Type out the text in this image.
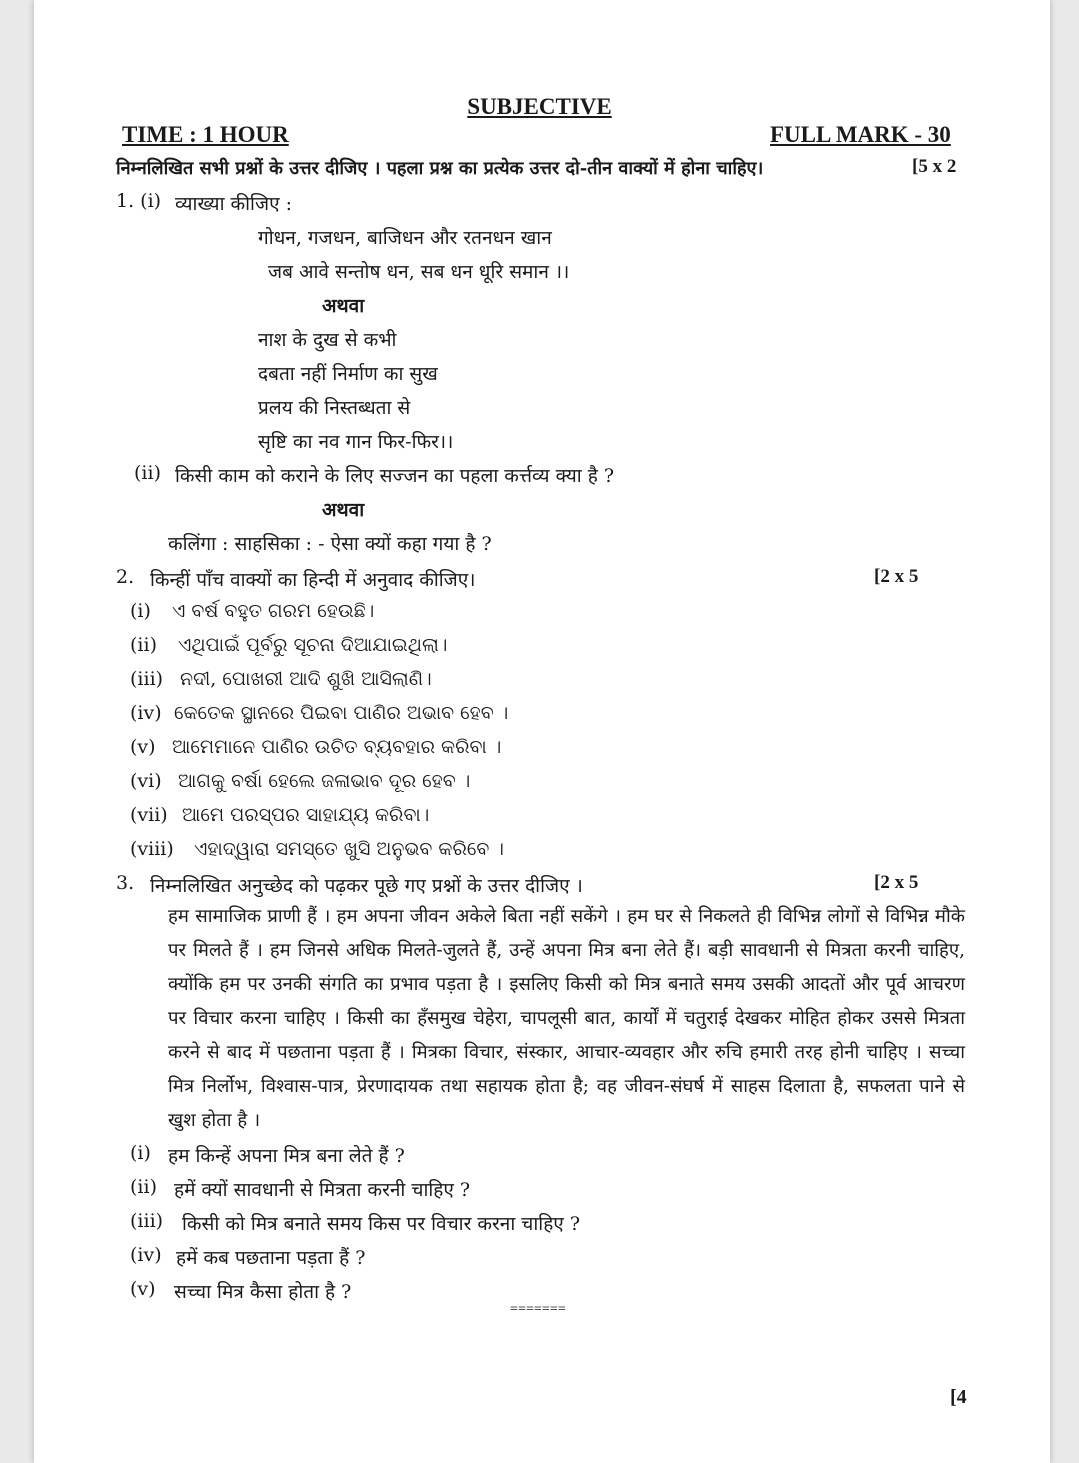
SUBJECTIVE
TIME : 1 HOUR	FULL MARK - 30
निम्नलिखित सभी प्रश्नों के उत्तर दीजिए । पहला प्रश्न का प्रत्येक उत्तर दो-तीन वाक्यों में होना चाहिए।	[5 x 2
1. (i) व्याख्या कीजिए :
गोधन, गजधन, बाजिधन और रतनधन खान
जब आवे सन्तोष धन, सब धन धूरि समान ।।
अथवा
नाश के दुख से कभी
दबता नहीं निर्माण का सुख
प्रलय की निस्तब्धता से
सृष्टि का नव गान फिर-फिर।।
(ii) किसी काम को कराने के लिए सज्जन का पहला कर्त्तव्य क्या है ?
अथवा
कलिंगा : साहसिका : - ऐसा क्यों कहा गया है ?
2. किन्हीं पाँच वाक्यों का हिन्दी में अनुवाद कीजिए।	[2 x 5
(i) ଏ ବର୍ଷ ବହୁତ ଗରମ ହେଉଛି।
(ii) ଏଥିପାଇଁ ପୂର୍ବରୁ ସୂଚନା ଦିଆଯାଇଥିଲା।
(iii) ନଦୀ, ପୋଖରୀ ଆଦି ଶୁଖି ଆସିଲାଣି।
(iv) କେତେକ ସ୍ଥାନରେ ପିଇବା ପାଣିର ଅଭାବ ହେବ ।
(v) ଆମେମାନେ ପାଣିର ଉଚିତ ବ୍ୟବହାର କରିବା ।
(vi) ଆଗକୁ ବର୍ଷା ହେଲେ ଜଳାଭାବ ଦୂର ହେବ ।
(vii) ଆମେ ପରସ୍ପର ସାହାଯ୍ୟ କରିବା।
(viii) ଏହାଦ୍ୱାରା ସମସ୍ତେ ଖୁସି ଅନୁଭବ କରିବେ ।
3. निम्नलिखित अनुच्छेद को पढ़कर पूछे गए प्रश्नों के उत्तर दीजिए ।	[2 x 5
हम सामाजिक प्राणी हैं । हम अपना जीवन अकेले बिता नहीं सकेंगे । हम घर से निकलते ही विभिन्न लोगों से विभिन्न मौके पर मिलते हैं । हम जिनसे अधिक मिलते-जुलते हैं, उन्हें अपना मित्र बना लेते हैं। बड़ी सावधानी से मित्रता करनी चाहिए, क्योंकि हम पर उनकी संगति का प्रभाव पड़ता है । इसलिए किसी को मित्र बनाते समय उसकी आदतों और पूर्व आचरण पर विचार करना चाहिए । किसी का हँसमुख चेहेरा, चापलूसी बात, कार्यों में चतुराई देखकर मोहित होकर उससे मित्रता करने से बाद में पछताना पड़ता हैं । मित्रका विचार, संस्कार, आचार-व्यवहार और रुचि हमारी तरह होनी चाहिए । सच्चा मित्र निर्लोभ, विश्वास-पात्र, प्रेरणादायक तथा सहायक होता है; वह जीवन-संघर्ष में साहस दिलाता है, सफलता पाने से खुश होता है ।
(i) हम किन्हें अपना मित्र बना लेते हैं ?
(ii) हमें क्यों सावधानी से मित्रता करनी चाहिए ?
(iii) किसी को मित्र बनाते समय किस पर विचार करना चाहिए ?
(iv) हमें कब पछताना पड़ता हैं ?
(v) सच्चा मित्र कैसा होता है ?
=======
[4
